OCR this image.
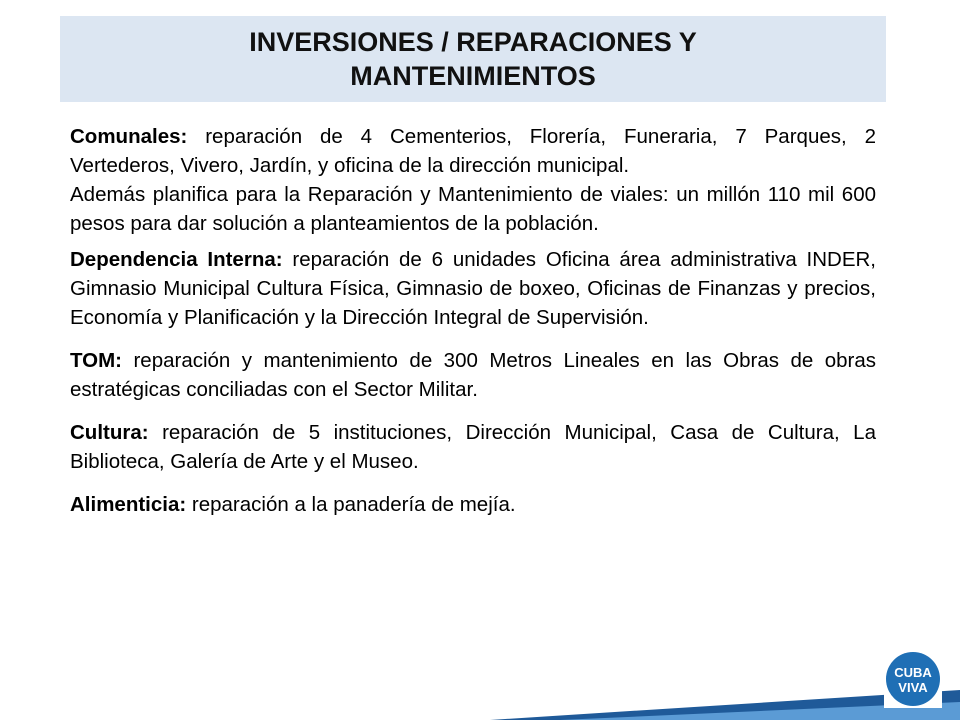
INVERSIONES / REPARACIONES Y
MANTENIMIENTOS

Comunales: reparación de 4 Cementerios, Florería, Funeraria, 7 Parques, 2 Vertederos, Vivero, Jardín, y oficina de la dirección municipal.

Además planifica para la Reparación y Mantenimiento de viales: un millón 110 mil 600 pesos para dar solución a planteamientos de la población.

Dependencia Interna: reparación de 6 unidades Oficina área administrativa INDER, Gimnasio Municipal Cultura Física, Gimnasio de boxeo, Oficinas de Finanzas y precios, Economía y Planificación y la Dirección Integral de Supervisión.

TOM: reparación y mantenimiento de 300 Metros Lineales en las Obras de obras estratégicas conciliadas con el Sector Militar.

Cultura: reparación de 5 instituciones, Dirección Municipal, Casa de Cultura, La Biblioteca, Galería de Arte y el Museo.

Alimenticia: reparación a la panadería de mejía.

CUBA
VIVA
